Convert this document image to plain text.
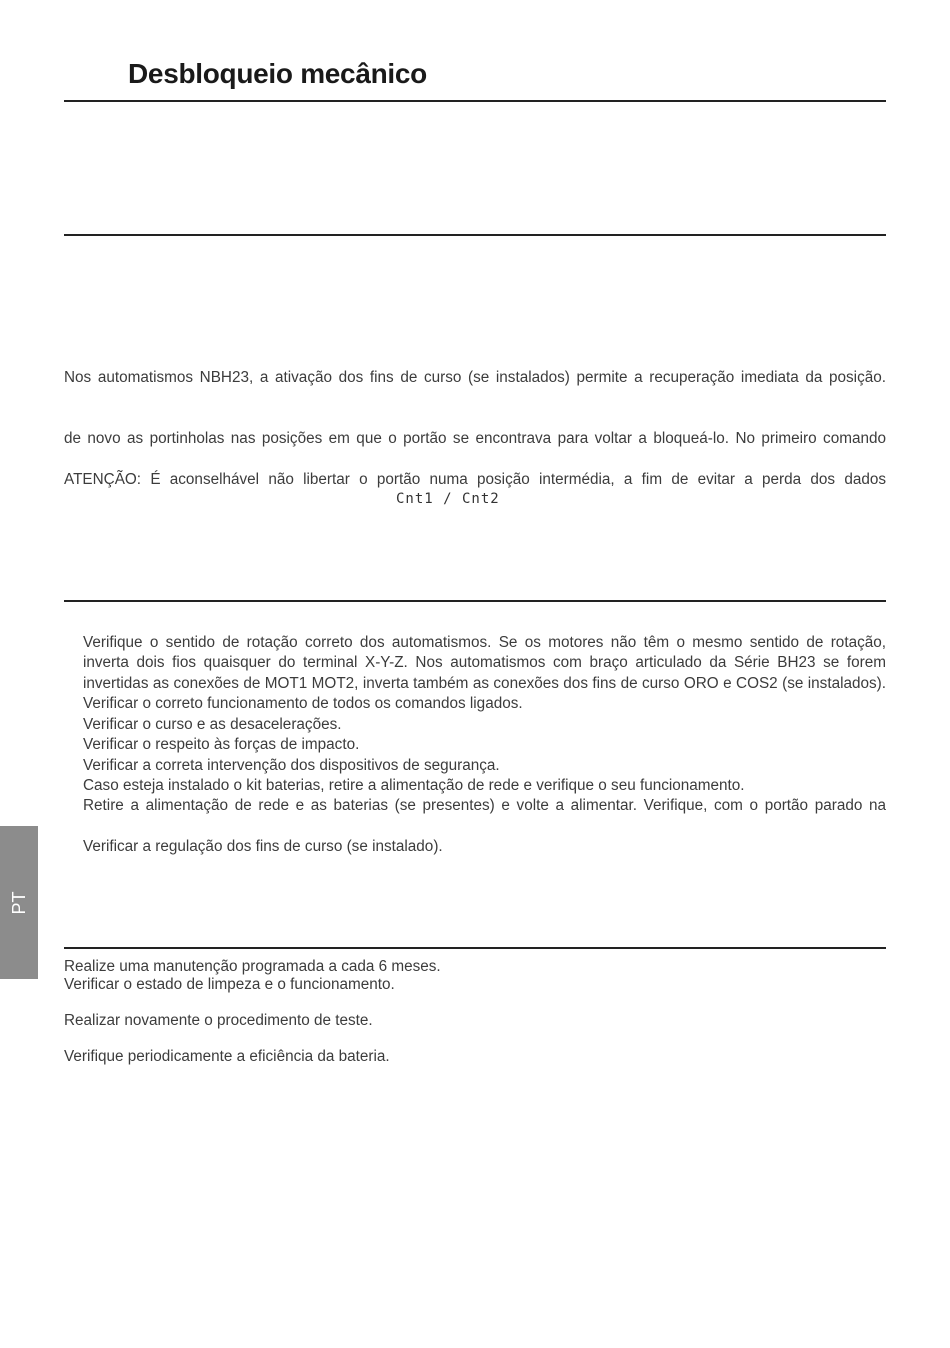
Desbloqueio mecânico
Nos automatismos NBH23, a ativação dos fins de curso (se instalados) permite a recuperação imediata da posição.
de novo as portinholas nas posições em que o portão se encontrava para voltar a bloqueá-lo. No primeiro comando
ATENÇÃO: É aconselhável não libertar o portão numa posição intermédia, a fim de evitar a perda dos dados
Cnt1 / Cnt2
Verifique o sentido de rotação correto dos automatismos. Se os motores não têm o mesmo sentido de rotação,
inverta dois fios quaisquer do terminal X-Y-Z. Nos automatismos com braço articulado da Série BH23 se forem
invertidas as conexões de MOT1 MOT2, inverta também as conexões dos fins de curso ORO e COS2 (se instalados).
Verificar o correto funcionamento de todos os comandos ligados.
Verificar o curso e as desacelerações.
Verificar o respeito às forças de impacto.
Verificar a correta intervenção dos dispositivos de segurança.
Caso esteja instalado o kit baterias, retire a alimentação de rede e verifique o seu funcionamento.
Retire a alimentação de rede e as baterias (se presentes) e volte a alimentar. Verifique, com o portão parado na
Verificar a regulação dos fins de curso (se instalado).
PT
Realize uma manutenção programada a cada 6 meses.
Verificar o estado de limpeza e o funcionamento.
Realizar novamente o procedimento de teste.
Verifique periodicamente a eficiência da bateria.
